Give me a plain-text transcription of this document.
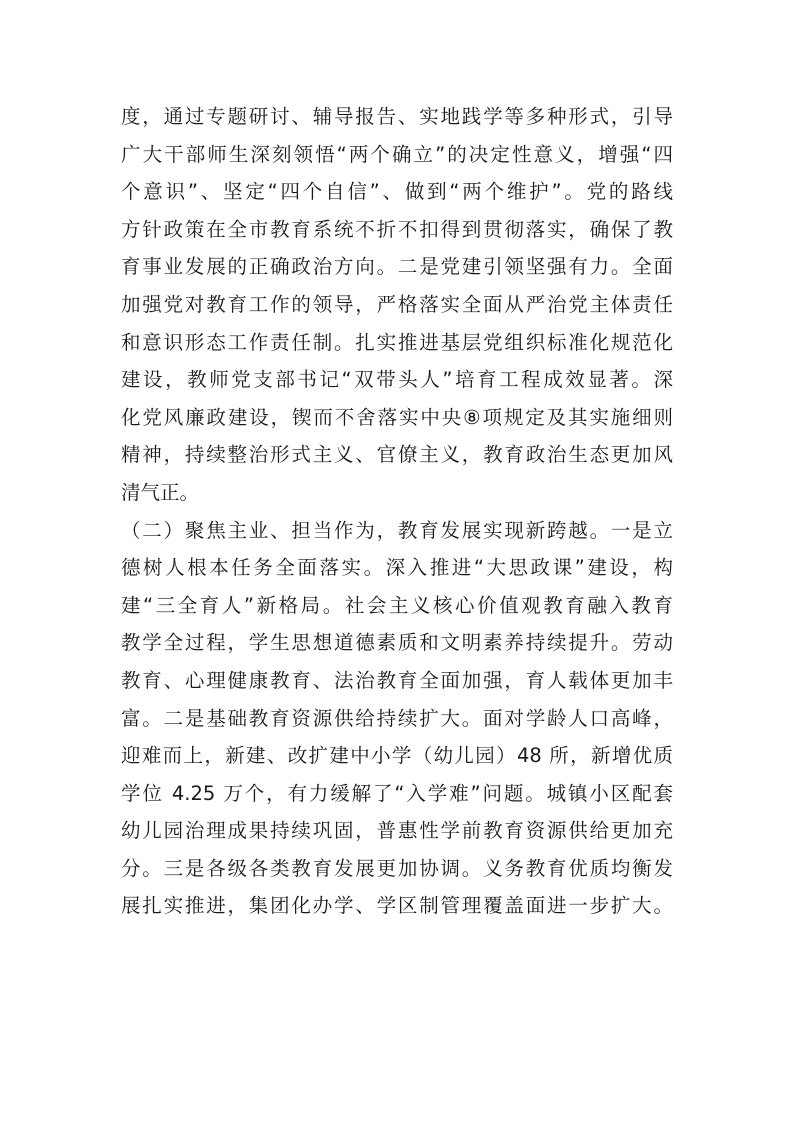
度，通过专题研讨、辅导报告、实地践学等多种形式，引导
广大干部师生深刻领悟“两个确立”的决定性意义，增强“四
个意识”、坚定“四个自信”、做到“两个维护”。党的路线
方针政策在全市教育系统不折不扣得到贯彻落实，确保了教
育事业发展的正确政治方向。二是党建引领坚强有力。全面
加强党对教育工作的领导，严格落实全面从严治党主体责任
和意识形态工作责任制。扎实推进基层党组织标准化规范化
建设，教师党支部书记“双带头人”培育工程成效显著。深
化党风廉政建设，锲而不舍落实中央⑧项规定及其实施细则
精神，持续整治形式主义、官僚主义，教育政治生态更加风
清气正。
（二）聚焦主业、担当作为，教育发展实现新跨越。一是立
德树人根本任务全面落实。深入推进“大思政课”建设，构
建“三全育人”新格局。社会主义核心价值观教育融入教育
教学全过程，学生思想道德素质和文明素养持续提升。劳动
教育、心理健康教育、法治教育全面加强，育人载体更加丰
富。二是基础教育资源供给持续扩大。面对学龄人口高峰，
迎难而上，新建、改扩建中小学（幼儿园）48 所，新增优质
学位 4.25 万个，有力缓解了“入学难”问题。城镇小区配套
幼儿园治理成果持续巩固，普惠性学前教育资源供给更加充
分。三是各级各类教育发展更加协调。义务教育优质均衡发
展扎实推进，集团化办学、学区制管理覆盖面进一步扩大。
